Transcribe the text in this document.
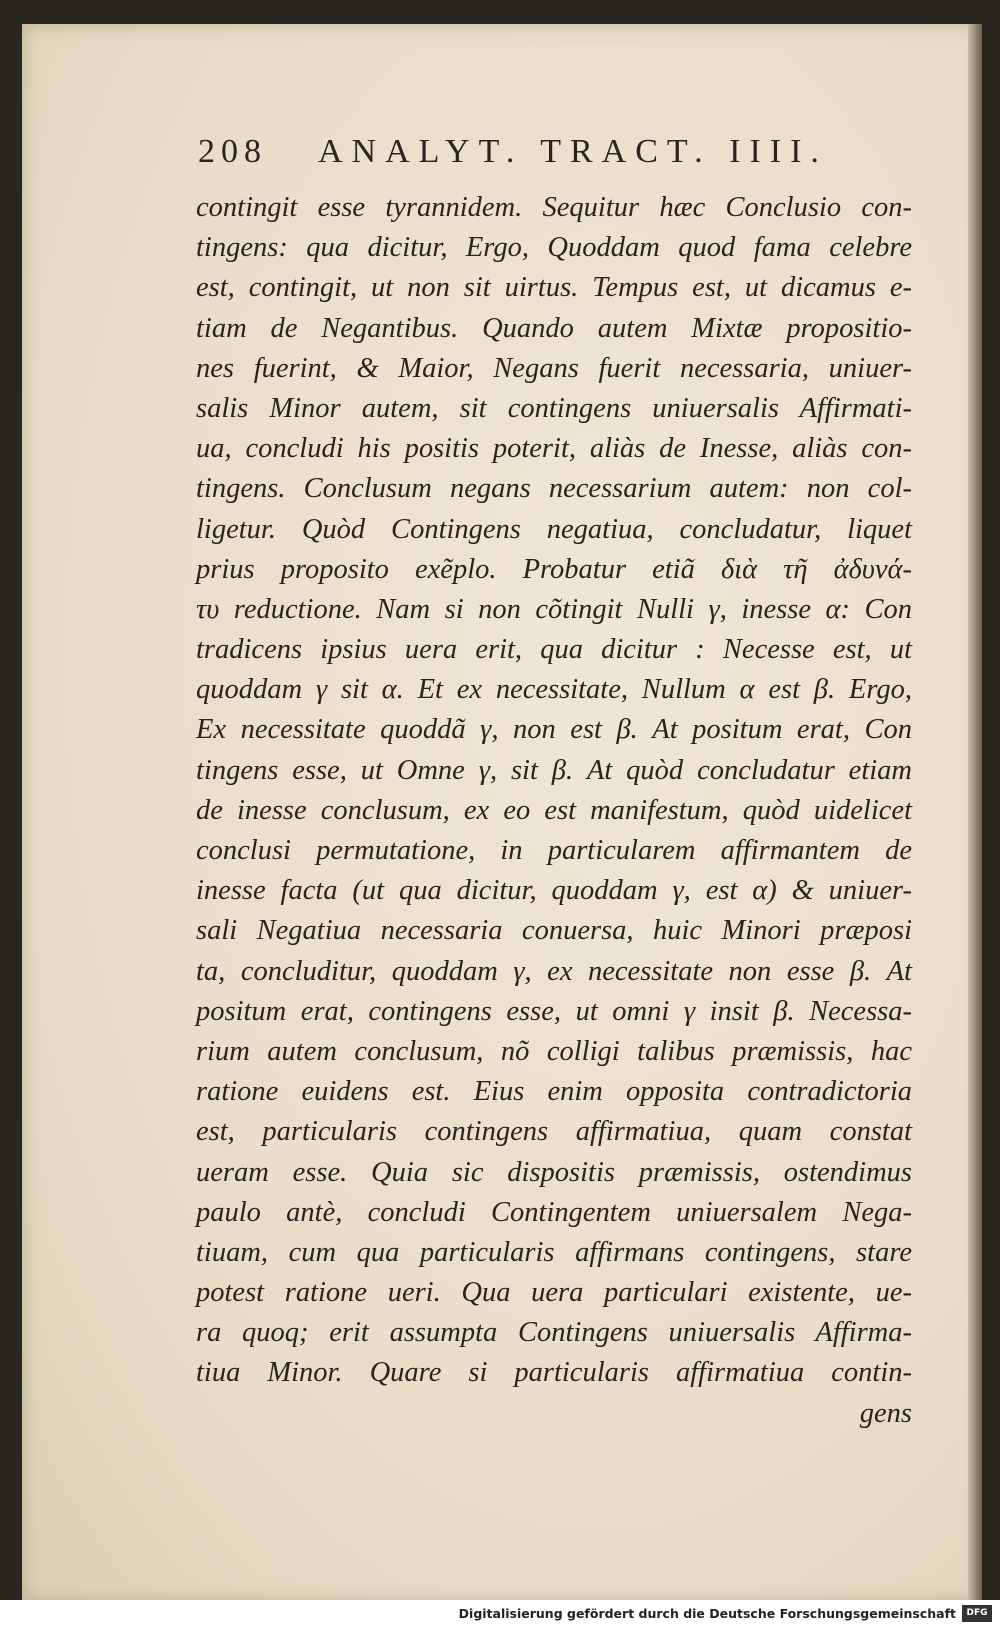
208 ANALYT. TRACT. IIII.
contingit esse tyrannidem. Sequitur hæc Conclusio con-
tingens: qua dicitur, Ergo, Quoddam quod fama celebre
est, contingit, ut non sit uirtus. Tempus est, ut dicamus e-
tiam de Negantibus. Quando autem Mixtæ propositio-
nes fuerint, & Maior, Negans fuerit necessaria, uniuer-
salis Minor autem, sit contingens uniuersalis Affirmati-
ua, concludi his positis poterit, aliàs de Inesse, aliàs con-
tingens. Conclusum negans necessarium autem: non col-
ligetur. Quòd Contingens negatiua, concludatur, liquet
prius proposito exẽplo. Probatur etiã διὰ τῆ ἀδυνά-
τυ reductione. Nam si non cõtingit Nulli γ, inesse α: Con
tradicens ipsius uera erit, qua dicitur : Necesse est, ut
quoddam γ sit α. Et ex necessitate, Nullum α est β. Ergo,
Ex necessitate quoddã γ, non est β. At positum erat, Con
tingens esse, ut Omne γ, sit β. At quòd concludatur etiam
de inesse conclusum, ex eo est manifestum, quòd uidelicet
conclusi permutatione, in particularem affirmantem de
inesse facta (ut qua dicitur, quoddam γ, est α) & uniuer-
sali Negatiua necessaria conuersa, huic Minori præposi
ta, concluditur, quoddam γ, ex necessitate non esse β. At
positum erat, contingens esse, ut omni γ insit β. Necessa-
rium autem conclusum, nõ colligi talibus præmissis, hac
ratione euidens est. Eius enim opposita contradictoria
est, particularis contingens affirmatiua, quam constat
ueram esse. Quia sic dispositis præmissis, ostendimus
paulo antè, concludi Contingentem uniuersalem Nega-
tiuam, cum qua particularis affirmans contingens, stare
potest ratione ueri. Qua uera particulari existente, ue-
ra quoq; erit assumpta Contingens uniuersalis Affirma-
tiua Minor. Quare si particularis affirmatiua contin-
gens
Digitalisierung gefördert durch die Deutsche Forschungsgemeinschaft	DFG
